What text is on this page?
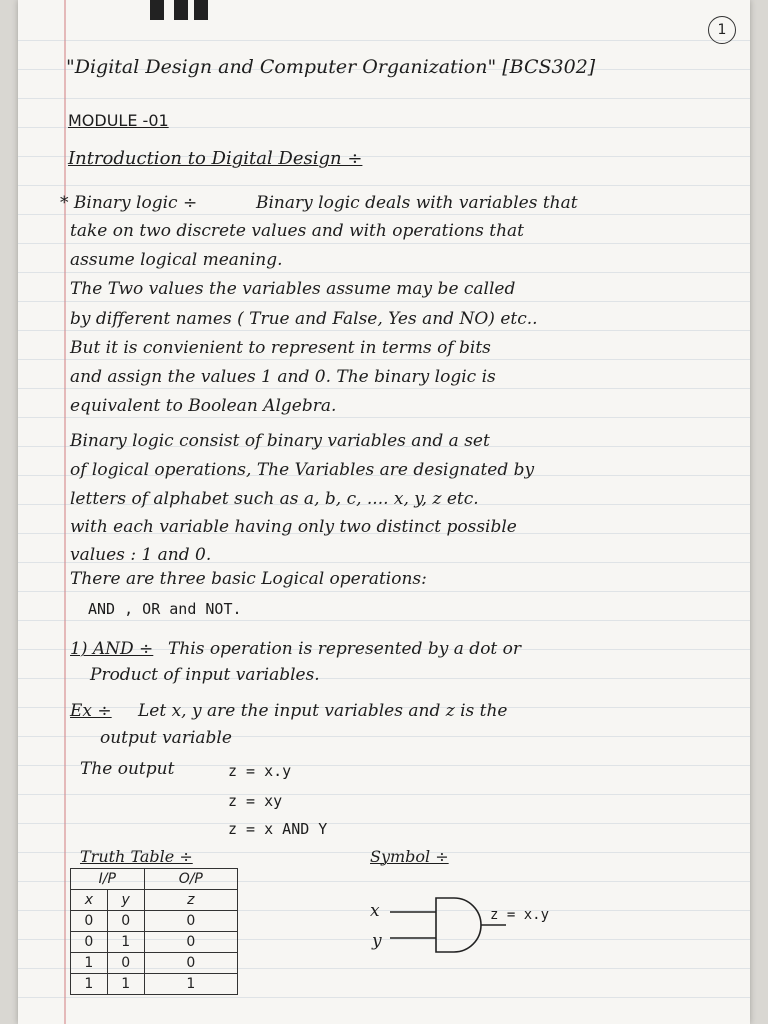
1
"Digital Design and Computer Organization" [BCS302]
MODULE -01
Introduction to Digital Design ÷
* Binary logic ÷	Binary logic deals with variables that
take on two discrete values and with operations that
assume logical meaning.
The Two values the variables assume may be called
by different names ( True and False, Yes and NO) etc..
But it is convienient to represent in terms of bits
and assign the values 1 and 0. The binary logic is
equivalent to Boolean Algebra.
Binary logic consist of binary variables and a set
of logical operations, The Variables are designated by
letters of alphabet such as a, b, c, .... x, y, z etc.
with each variable having only two distinct possible
values : 1 and 0.
There are three basic Logical operations:
AND , OR and NOT.
1) AND ÷ This operation is represented by a dot or
Product of input variables.
Ex ÷ Let x, y are the input variables and z is the
output variable
The output	z = x.y
z = xy
z = x AND Y
Truth Table ÷
I/P		O/P
x	y	z
0	0	0
0	1	0
1	0	0
1	1	1
Symbol ÷
x
y
z = x.y
